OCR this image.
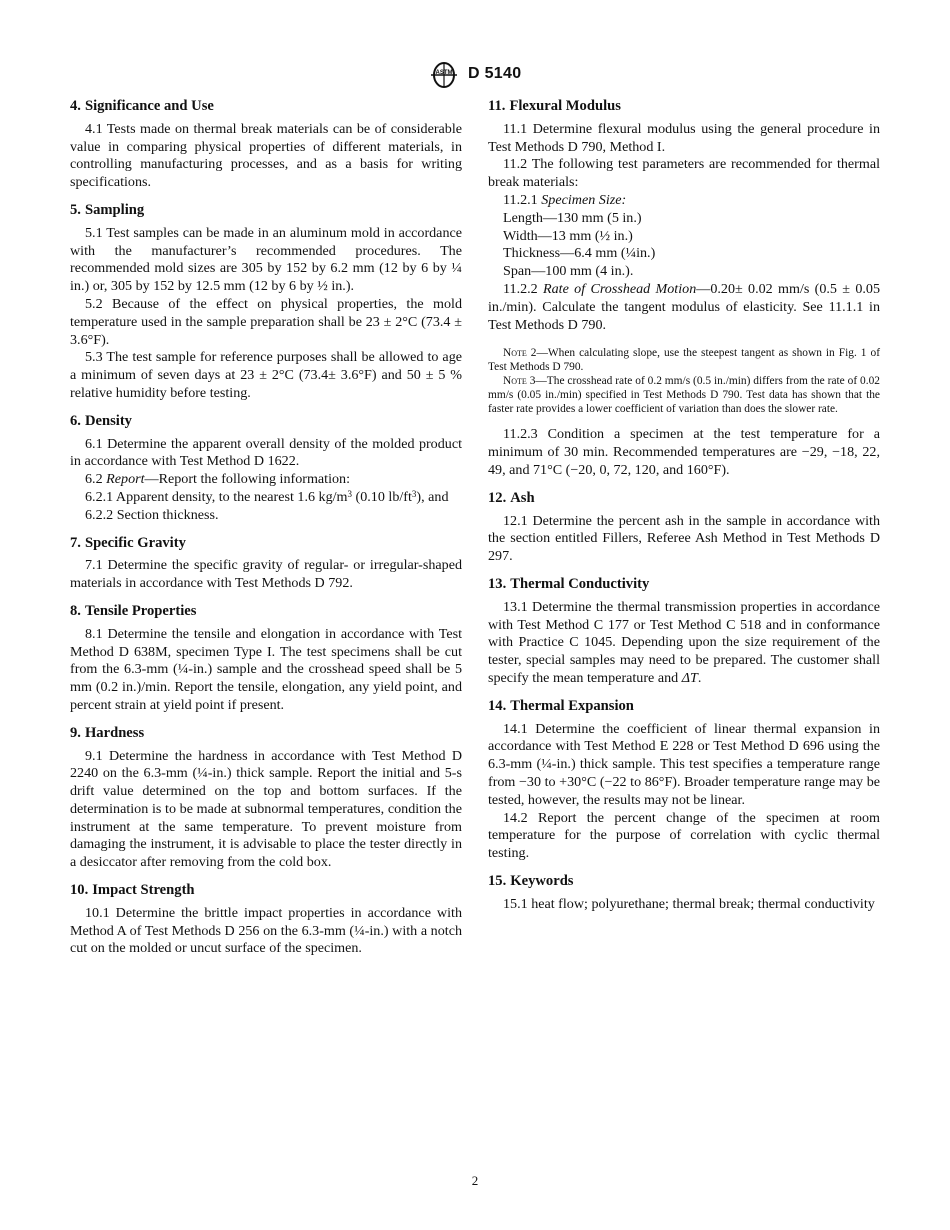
ASTM D 5140
4. Significance and Use

4.1 Tests made on thermal break materials can be of considerable value in comparing physical properties of different materials, in controlling manufacturing processes, and as a basis for writing specifications.

5. Sampling

5.1 Test samples can be made in an aluminum mold in accordance with the manufacturer’s recommended procedures. The recommended mold sizes are 305 by 152 by 6.2 mm (12 by 6 by ¼ in.) or, 305 by 152 by 12.5 mm (12 by 6 by ½ in.).

5.2 Because of the effect on physical properties, the mold temperature used in the sample preparation shall be 23 ± 2°C (73.4 ± 3.6°F).

5.3 The test sample for reference purposes shall be allowed to age a minimum of seven days at 23 ± 2°C (73.4± 3.6°F) and 50 ± 5 % relative humidity before testing.

6. Density

6.1 Determine the apparent overall density of the molded product in accordance with Test Method D 1622.

6.2 Report—Report the following information:

6.2.1 Apparent density, to the nearest 1.6 $kg/m^3$ (0.10 $lb/ft^3$), and

6.2.2 Section thickness.

7. Specific Gravity

7.1 Determine the specific gravity of regular- or irregular-shaped materials in accordance with Test Methods D 792.

8. Tensile Properties

8.1 Determine the tensile and elongation in accordance with Test Method D 638M, specimen Type I. The test specimens shall be cut from the 6.3-mm (¼-in.) sample and the crosshead speed shall be 5 mm (0.2 in.)/min. Report the tensile, elongation, any yield point, and percent strain at yield point if present.

9. Hardness

9.1 Determine the hardness in accordance with Test Method D 2240 on the 6.3-mm (¼-in.) thick sample. Report the initial and 5-s drift value determined on the top and bottom surfaces. If the determination is to be made at subnormal temperatures, condition the instrument at the same temperature. To prevent moisture from damaging the instrument, it is advisable to place the tester directly in a desiccator after removing from the cold box.

10. Impact Strength

10.1 Determine the brittle impact properties in accordance with Method A of Test Methods D 256 on the 6.3-mm (¼-in.) with a notch cut on the molded or uncut surface of the specimen.

11. Flexural Modulus

11.1 Determine flexural modulus using the general procedure in Test Methods D 790, Method I.

11.2 The following test parameters are recommended for thermal break materials:

11.2.1 Specimen Size:

Length—130 mm (5 in.)

Width—13 mm (½ in.)

Thickness—6.4 mm (¼in.)

Span—100 mm (4 in.).

11.2.2 Rate of Crosshead Motion—0.20± 0.02 mm/s (0.5 ± 0.05 in./min). Calculate the tangent modulus of elasticity. See 11.1.1 in Test Methods D 790.

Note 2—When calculating slope, use the steepest tangent as shown in Fig. 1 of Test Methods D 790.

Note 3—The crosshead rate of 0.2 mm/s (0.5 in./min) differs from the rate of 0.02 mm/s (0.05 in./min) specified in Test Methods D 790. Test data has shown that the faster rate provides a lower coefficient of variation than does the slower rate.

11.2.3 Condition a specimen at the test temperature for a minimum of 30 min. Recommended temperatures are −29, −18, 22, 49, and 71°C (−20, 0, 72, 120, and 160°F).

12. Ash

12.1 Determine the percent ash in the sample in accordance with the section entitled Fillers, Referee Ash Method in Test Methods D 297.

13. Thermal Conductivity

13.1 Determine the thermal transmission properties in accordance with Test Method C 177 or Test Method C 518 and in conformance with Practice C 1045. Depending upon the size requirement of the tester, special samples may need to be prepared. The customer shall specify the mean temperature and ΔT.

14. Thermal Expansion

14.1 Determine the coefficient of linear thermal expansion in accordance with Test Method E 228 or Test Method D 696 using the 6.3-mm (¼-in.) thick sample. This test specifies a temperature range from −30 to +30°C (−22 to 86°F). Broader temperature range may be tested, however, the results may not be linear.

14.2 Report the percent change of the specimen at room temperature for the purpose of correlation with cyclic thermal testing.

15. Keywords

15.1 heat flow; polyurethane; thermal break; thermal conductivity

2
